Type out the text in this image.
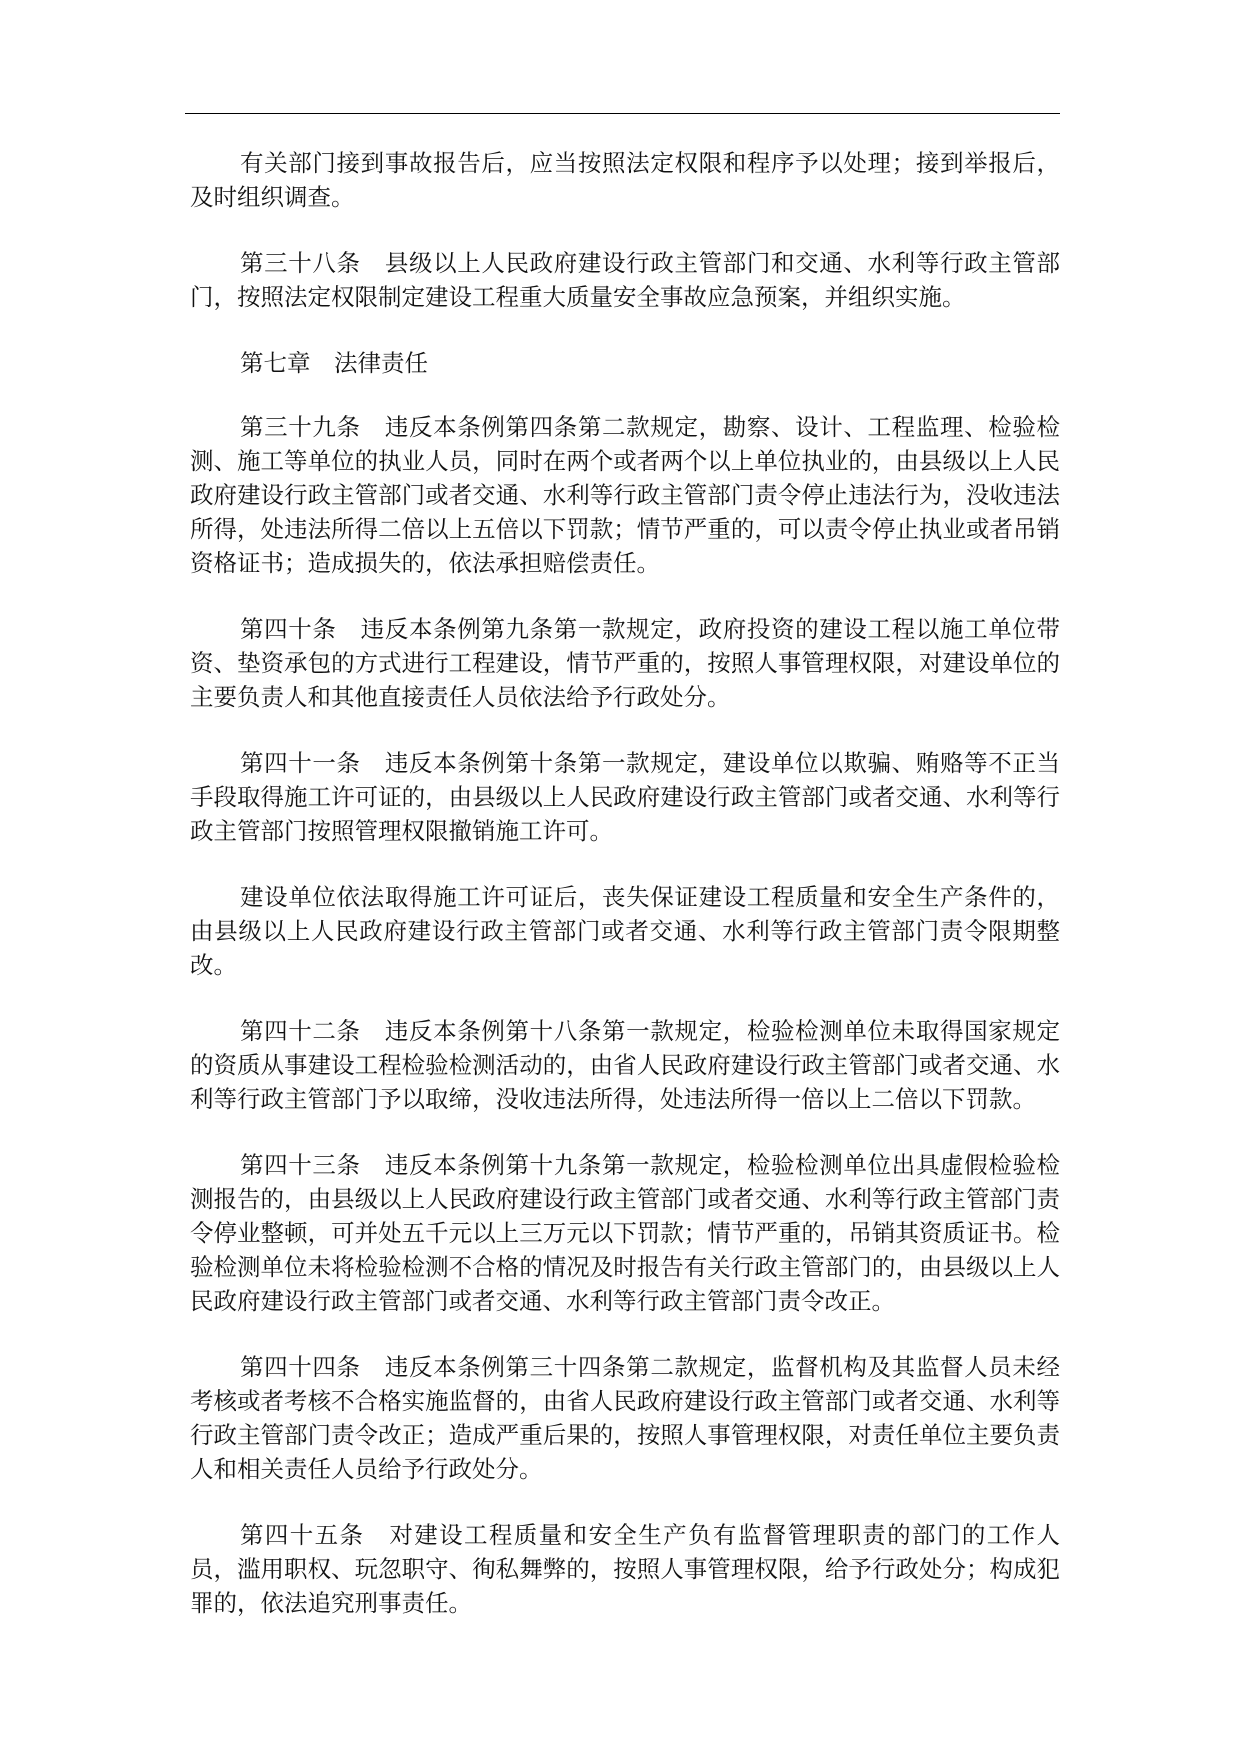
有关部门接到事故报告后，应当按照法定权限和程序予以处理；接到举报后，及时组织调查。

第三十八条　县级以上人民政府建设行政主管部门和交通、水利等行政主管部门，按照法定权限制定建设工程重大质量安全事故应急预案，并组织实施。

第七章　法律责任

第三十九条　违反本条例第四条第二款规定，勘察、设计、工程监理、检验检测、施工等单位的执业人员，同时在两个或者两个以上单位执业的，由县级以上人民政府建设行政主管部门或者交通、水利等行政主管部门责令停止违法行为，没收违法所得，处违法所得二倍以上五倍以下罚款；情节严重的，可以责令停止执业或者吊销资格证书；造成损失的，依法承担赔偿责任。

第四十条　违反本条例第九条第一款规定，政府投资的建设工程以施工单位带资、垫资承包的方式进行工程建设，情节严重的，按照人事管理权限，对建设单位的主要负责人和其他直接责任人员依法给予行政处分。

第四十一条　违反本条例第十条第一款规定，建设单位以欺骗、贿赂等不正当手段取得施工许可证的，由县级以上人民政府建设行政主管部门或者交通、水利等行政主管部门按照管理权限撤销施工许可。

建设单位依法取得施工许可证后，丧失保证建设工程质量和安全生产条件的，由县级以上人民政府建设行政主管部门或者交通、水利等行政主管部门责令限期整改。

第四十二条　违反本条例第十八条第一款规定，检验检测单位未取得国家规定的资质从事建设工程检验检测活动的，由省人民政府建设行政主管部门或者交通、水利等行政主管部门予以取缔，没收违法所得，处违法所得一倍以上二倍以下罚款。

第四十三条　违反本条例第十九条第一款规定，检验检测单位出具虚假检验检测报告的，由县级以上人民政府建设行政主管部门或者交通、水利等行政主管部门责令停业整顿，可并处五千元以上三万元以下罚款；情节严重的，吊销其资质证书。检验检测单位未将检验检测不合格的情况及时报告有关行政主管部门的，由县级以上人民政府建设行政主管部门或者交通、水利等行政主管部门责令改正。

第四十四条　违反本条例第三十四条第二款规定，监督机构及其监督人员未经考核或者考核不合格实施监督的，由省人民政府建设行政主管部门或者交通、水利等行政主管部门责令改正；造成严重后果的，按照人事管理权限，对责任单位主要负责人和相关责任人员给予行政处分。

第四十五条　对建设工程质量和安全生产负有监督管理职责的部门的工作人员，滥用职权、玩忽职守、徇私舞弊的，按照人事管理权限，给予行政处分；构成犯罪的，依法追究刑事责任。
